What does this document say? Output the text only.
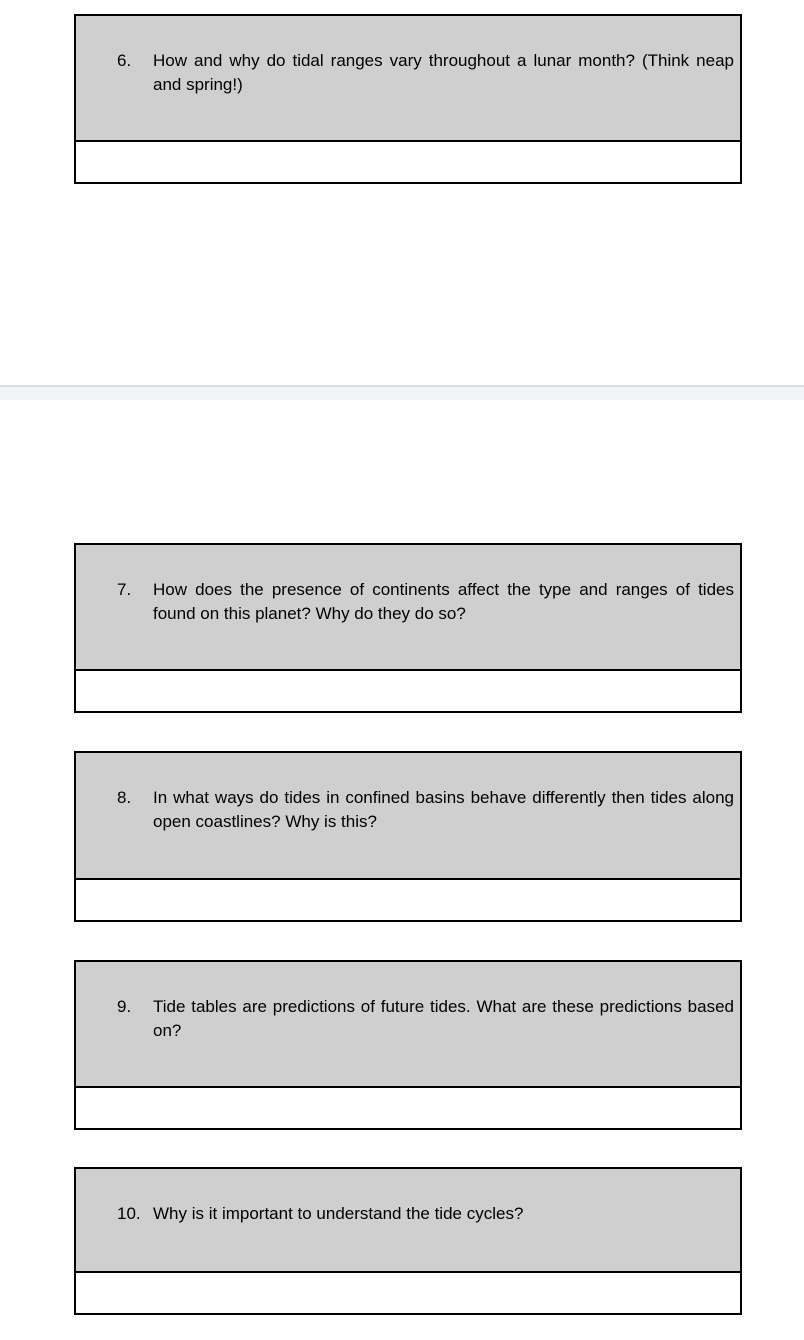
6. How and why do tidal ranges vary throughout a lunar month? (Think neap and spring!)
7. How does the presence of continents affect the type and ranges of tides found on this planet? Why do they do so?
8. In what ways do tides in confined basins behave differently then tides along open coastlines? Why is this?
9. Tide tables are predictions of future tides. What are these predictions based on?
10. Why is it important to understand the tide cycles?
